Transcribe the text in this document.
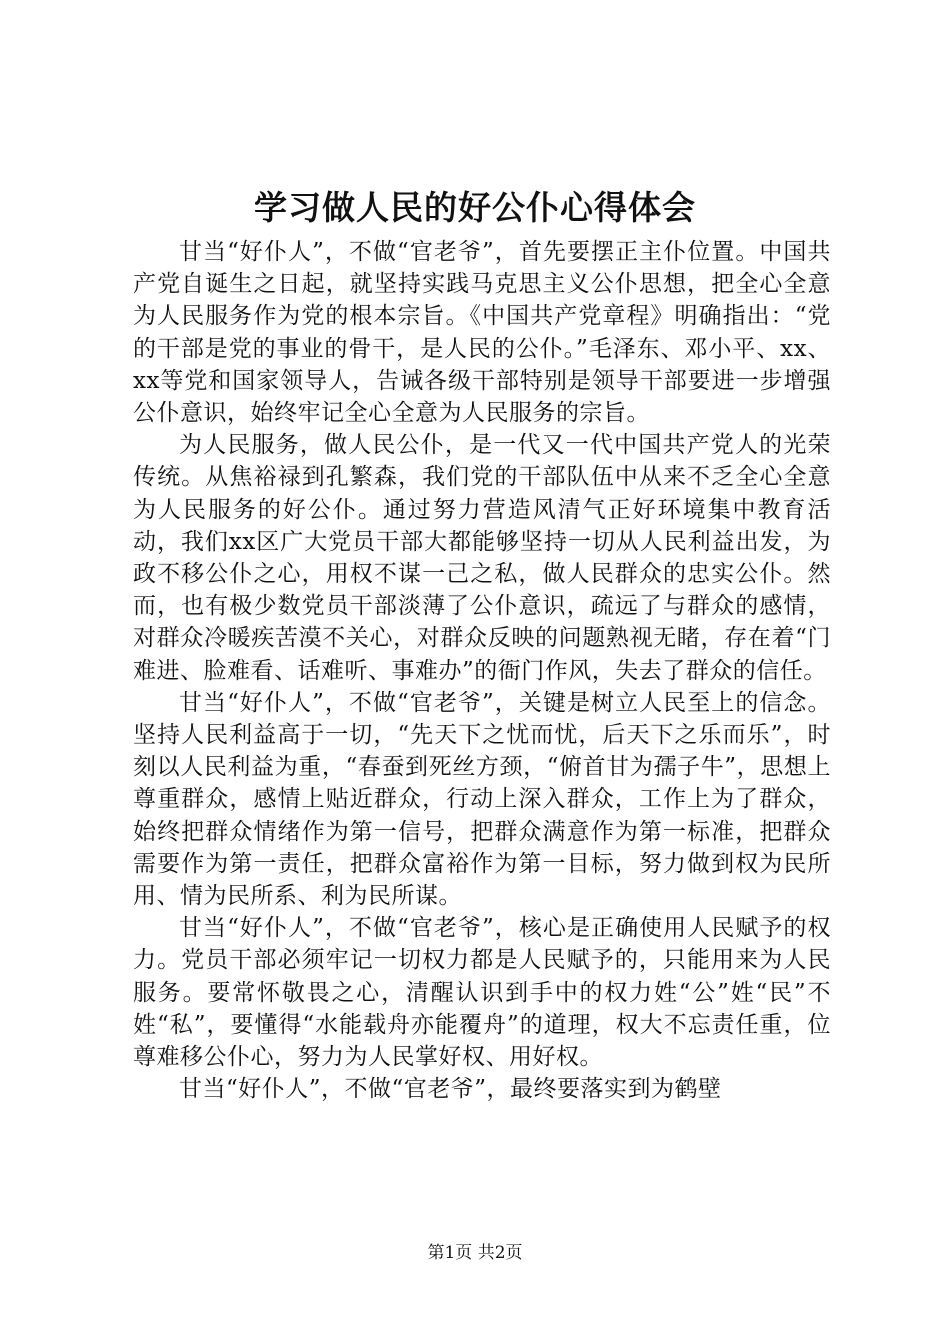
学习做人民的好公仆心得体会

甘当“好仆人”，不做“官老爷”，首先要摆正主仆位置。中国共产党自诞生之日起，就坚持实践马克思主义公仆思想，把全心全意为人民服务作为党的根本宗旨。《中国共产党章程》明确指出：“党的干部是党的事业的骨干，是人民的公仆。”毛泽东、邓小平、xx、xx等党和国家领导人，告诫各级干部特别是领导干部要进一步增强公仆意识，始终牢记全心全意为人民服务的宗旨。

为人民服务，做人民公仆，是一代又一代中国共产党人的光荣传统。从焦裕禄到孔繁森，我们党的干部队伍中从来不乏全心全意为人民服务的好公仆。通过努力营造风清气正好环境集中教育活动，我们xx区广大党员干部大都能够坚持一切从人民利益出发，为政不移公仆之心，用权不谋一己之私，做人民群众的忠实公仆。然而，也有极少数党员干部淡薄了公仆意识，疏远了与群众的感情，对群众冷暖疾苦漠不关心，对群众反映的问题熟视无睹，存在着“门难进、脸难看、话难听、事难办”的衙门作风，失去了群众的信任。

甘当“好仆人”，不做“官老爷”，关键是树立人民至上的信念。坚持人民利益高于一切，“先天下之忧而忧，后天下之乐而乐”，时刻以人民利益为重，“春蚕到死丝方颈，“俯首甘为孺子牛”，思想上尊重群众，感情上贴近群众，行动上深入群众，工作上为了群众，始终把群众情绪作为第一信号，把群众满意作为第一标准，把群众需要作为第一责任，把群众富裕作为第一目标，努力做到权为民所用、情为民所系、利为民所谋。

甘当“好仆人”，不做“官老爷”，核心是正确使用人民赋予的权力。党员干部必须牢记一切权力都是人民赋予的，只能用来为人民服务。要常怀敬畏之心，清醒认识到手中的权力姓“公”姓“民”不姓“私”，要懂得“水能载舟亦能覆舟”的道理，权大不忘责任重，位尊难移公仆心，努力为人民掌好权、用好权。

甘当“好仆人”，不做“官老爷”，最终要落实到为鹤壁

第1页 共2页
